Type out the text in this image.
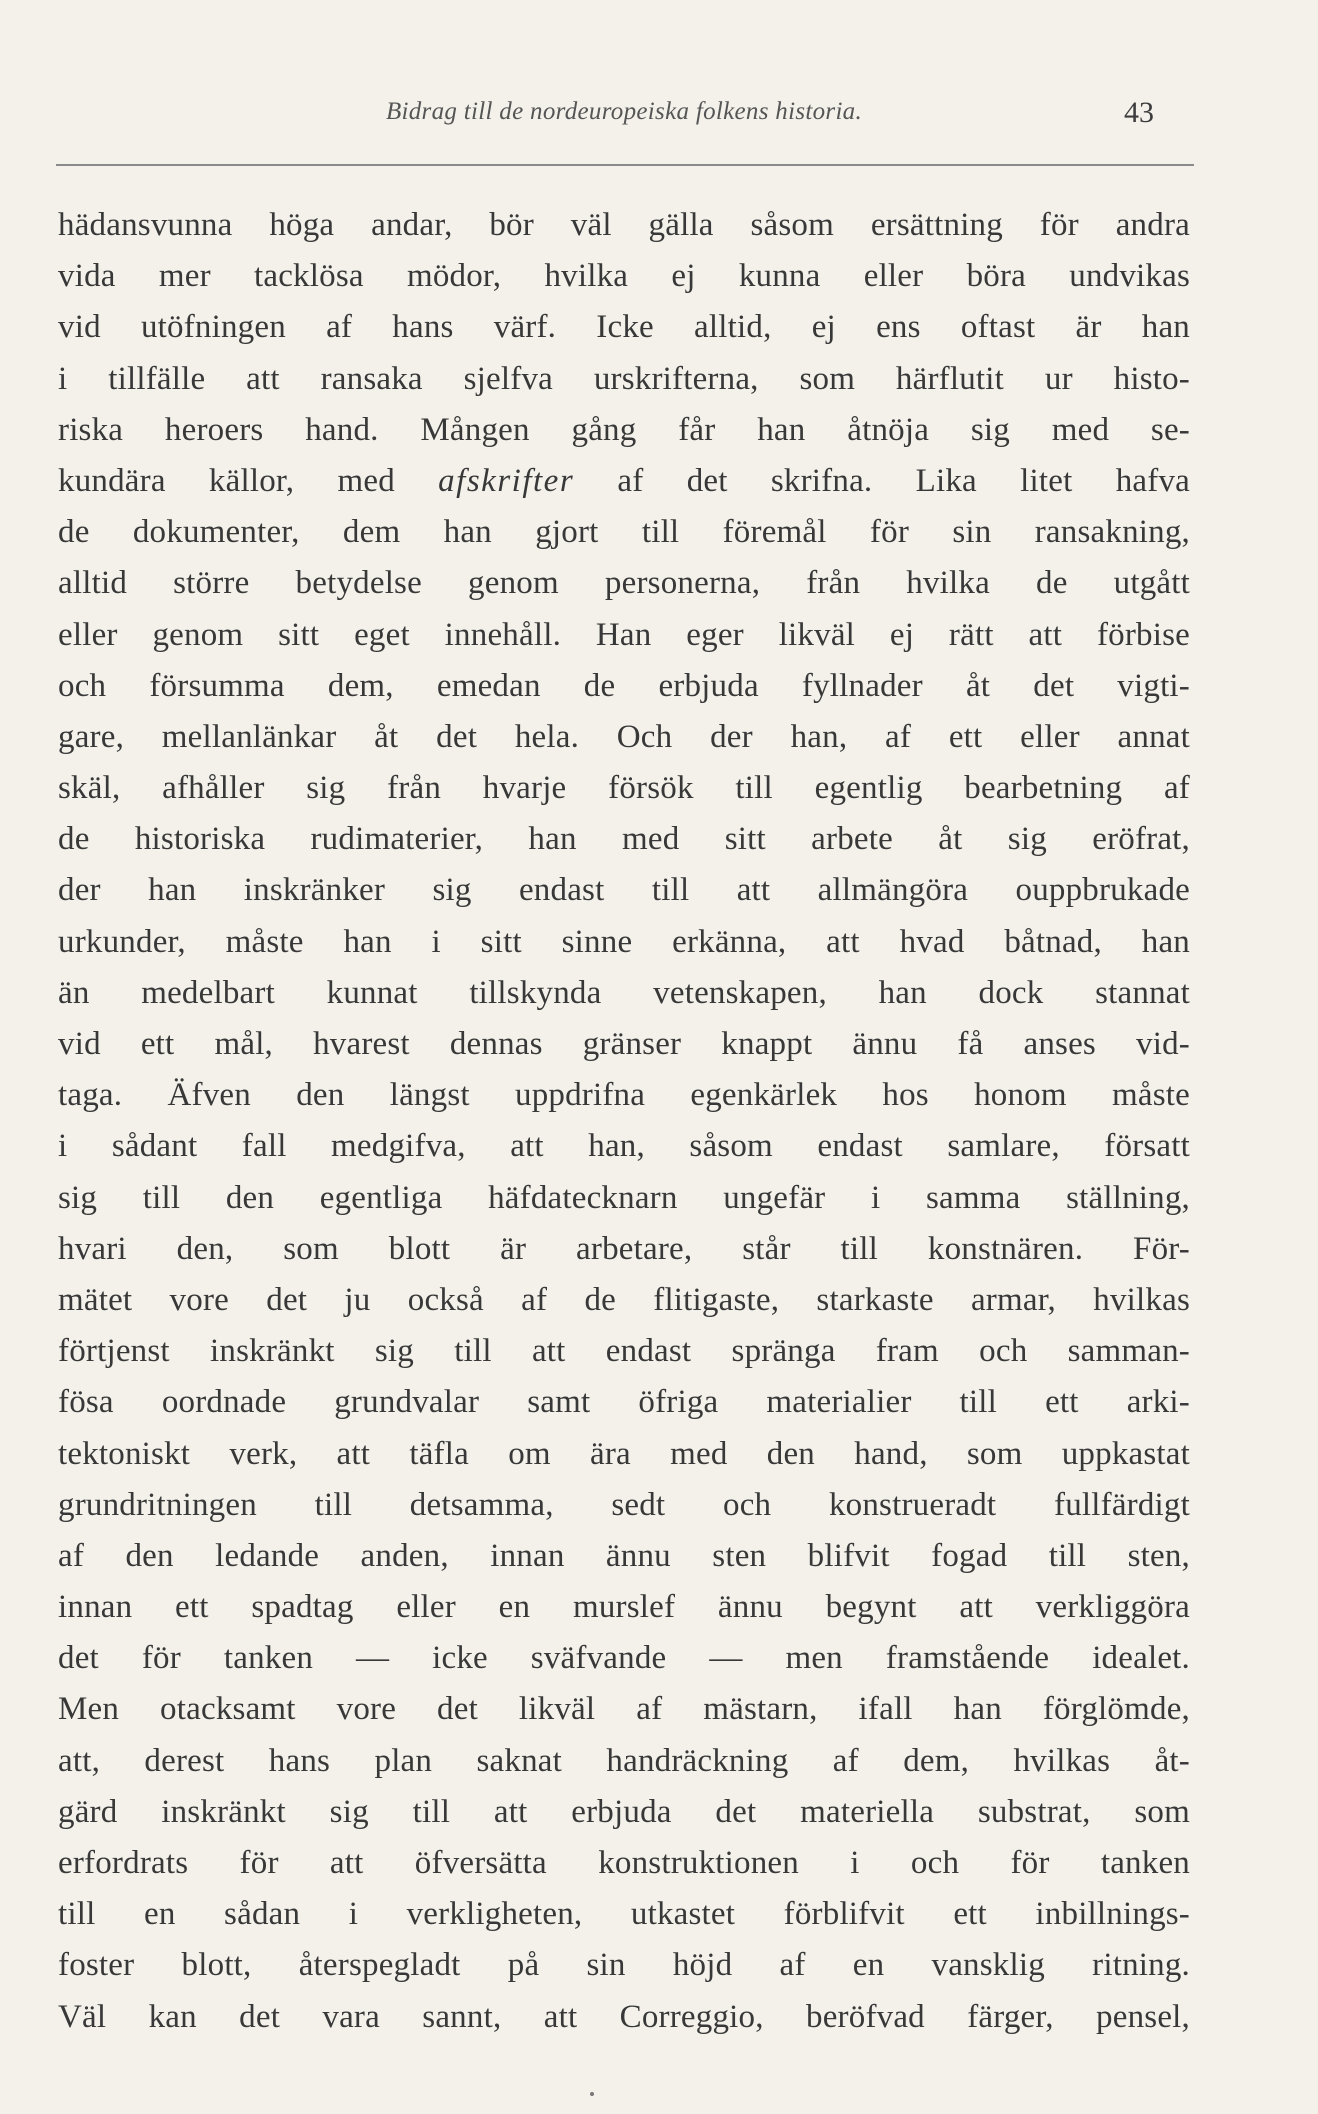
Bidrag till de nordeuropeiska folkens historia.	43
hädansvunna höga andar, bör väl gälla såsom ersättning för andra
vida mer tacklösa mödor, hvilka ej kunna eller böra undvikas
vid utöfningen af hans värf. Icke alltid, ej ens oftast är han
i tillfälle att ransaka sjelfva urskrifterna, som härflutit ur histo-
riska heroers hand. Mången gång får han åtnöja sig med se-
kundära källor, med afskrifter af det skrifna. Lika litet hafva
de dokumenter, dem han gjort till föremål för sin ransakning,
alltid större betydelse genom personerna, från hvilka de utgått
eller genom sitt eget innehåll. Han eger likväl ej rätt att förbise
och försumma dem, emedan de erbjuda fyllnader åt det vigti-
gare, mellanlänkar åt det hela. Och der han, af ett eller annat
skäl, afhåller sig från hvarje försök till egentlig bearbetning af
de historiska rudimaterier, han med sitt arbete åt sig eröfrat,
der han inskränker sig endast till att allmängöra ouppbrukade
urkunder, måste han i sitt sinne erkänna, att hvad båtnad, han
än medelbart kunnat tillskynda vetenskapen, han dock stannat
vid ett mål, hvarest dennas gränser knappt ännu få anses vid-
taga. Äfven den längst uppdrifna egenkärlek hos honom måste
i sådant fall medgifva, att han, såsom endast samlare, försatt
sig till den egentliga häfdatecknarn ungefär i samma ställning,
hvari den, som blott är arbetare, står till konstnären. För-
mätet vore det ju också af de flitigaste, starkaste armar, hvilkas
förtjenst inskränkt sig till att endast spränga fram och samman-
fösa oordnade grundvalar samt öfriga materialier till ett arki-
tektoniskt verk, att täfla om ära med den hand, som uppkastat
grundritningen till detsamma, sedt och konstrueradt fullfärdigt
af den ledande anden, innan ännu sten blifvit fogad till sten,
innan ett spadtag eller en murslef ännu begynt att verkliggöra
det för tanken — icke sväfvande — men framstående idealet.
Men otacksamt vore det likväl af mästarn, ifall han förglömde,
att, derest hans plan saknat handräckning af dem, hvilkas åt-
gärd inskränkt sig till att erbjuda det materiella substrat, som
erfordrats för att öfversätta konstruktionen i och för tanken
till en sådan i verkligheten, utkastet förblifvit ett inbillnings-
foster blott, återspegladt på sin höjd af en vansklig ritning.
Väl kan det vara sannt, att Correggio, beröfvad färger, pensel,
